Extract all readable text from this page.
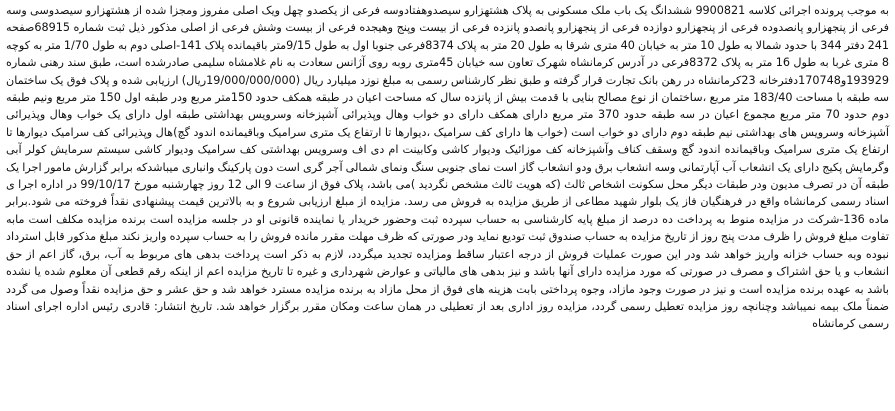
به موجب پرونده اجرائی کلاسه 9900821 ششدانگ یک باب ملک مسکونی به پلاک هشتهزارو سیصدوهفتادوسه فرعی از یکصدو چهل ویک اصلی مفروز ومجزا شده از هشتهزارو سیصدوسی وسه فرعی از پنجهزارو پانصدوده فرعی از پنجهزارو دوازده فرعی از پنجهزارو پانصدو پانزده فرعی از بیست وپنج وهیجده فرعی از بیست وشش فرعی از اصلی مذکور ذیل ثبت شماره 68915صفحه 241 دفتر 344 با حدود شمالا به طول 10 متر به خیابان 40 متری شرقا به طول 20 متر به پلاک 8374فرعی جنوبا اول به طول 9/15متر باقیمانده پلاک 141-اصلی دوم به طول 1/70 متر به کوچه 8 متری غربا به طول 16 متر به پلاک 8372فرعی در آدرس کرمانشاه شهرک تعاون سه خیابان 45متری روبه روی آژانس سعادت به نام غلامشاه سلیمی صادرشده است، طبق سند رهنی شماره 193929و170748دفترخانه 23کرمانشاه در رهن بانک تجارت قرار گرفته و طبق نظر کارشناس رسمی به مبلغ نوزد میلیارد ریال (19/000/000/000ریال) ارزیابی شده و پلاک فوق یک ساختمان سه طبقه با مساحت 183/40 متر مربع ،ساختمان از نوع مصالح بنایی با قدمت بیش از پانزده سال که مساحت اعیان در طبقه همکف حدود 150متر مربع ودر طبقه اول 150 متر مربع ونیم طبقه دوم حدود 70 متر مربع مجموع اعیان در سه طبقه حدود 370 متر مربع دارای همکف دارای دو خواب وهال وپذیرائی آشپزخانه وسرویس بهداشتی طبقه اول دارای یک خواب وهال وپذیرائی آشپزخانه وسرویس های بهداشتی نیم طبقه دوم دارای دو خواب است (خواب ها دارای کف سرامیک ،دیوارها تا ارتفاع یک متری سرامیک وباقیمانده اندود گچ)هال وپذیرائی کف سرامیک دیوارها تا ارتفاع یک متری سرامیک وباقیمانده اندود گچ وسقف کناف وآشپزخانه کف موزائیک ودیوار کاشی وکابینت ام دی اف وسرویس بهداشتی کف سرامیک ودیوار کاشی سیستم سرمایش کولر آبی وگرمایش پکیج دارای یک انشعاب آب آپارتمانی وسه انشعاب برق ودو انشعاب گاز است نمای جنوبی سنگ ونمای شمالی آجر گری است دون پارکینگ وانباری میباشدکه برابر گزارش مامور اجرا یک طبقه آن در تصرف مدیون ودر طبقات دیگر محل سکونت اشخاص ثالث (که هویت ثالث مشخص نگردید )می باشد، پلاک فوق از ساعت 9 الی 12 روز چهارشنبه مورخ 99/10/17 در اداره اجرا ی اسناد رسمی کرمانشاه واقع در فرهنگیان فاز یک بلوار شهید مطاعی از طریق مزایده به فروش می رسد. مزایده از مبلغ ارزیابی شروع و به بالاترین قیمت پیشنهادی نقداً فروخته می شود.برابر ماده 136-شرکت در مزایده منوط به پرداخت ده درصد از مبلغ پایه کارشناسی به حساب سپرده ثبت وحضور خریدار یا نماینده قانونی او در جلسه مزایده است برنده مزایده مکلف است مابه تفاوت مبلغ فروش را ظرف مدت پنج روز از تاریخ مزایده به حساب صندوق ثبت تودیع نماید ودر صورتی که ظرف مهلت مقرر مانده فروش را به حساب سپرده واریز نکند مبلغ مذکور قابل استرداد نبوده وبه حساب خزانه واریز خواهد شد ودر این صورت عملیات فروش از درجه اعتبار ساقط ومزایده تجدید میگردد، لازم به ذکر است پرداخت بدهی های مربوط به آب، برق، گاز اعم از حق انشعاب و یا حق اشتراک و مصرف در صورتی که مورد مزایده دارای آنها باشد و نیز بدهی های مالیاتی و عوارض شهرداری و غیره تا تاریخ مزایده اعم از اینکه رقم قطعی آن معلوم شده یا نشده باشد به عهده برنده مزایده است و نیز در صورت وجود مازاد، وجوه پرداختی بابت هزینه های فوق از محل مازاد به برنده مزایده مسترد خواهد شد و حق عشر و حق مزایده نقداً وصول می گردد ضمناً ملک بیمه نمیباشد وچنانچه روز مزایده تعطیل رسمی گردد، مزایده روز اداری بعد از تعطیلی در همان ساعت ومکان مقرر برگزار خواهد شد. تاریخ انتشار: قادری رئیس اداره اجرای اسناد رسمی کرمانشاه
